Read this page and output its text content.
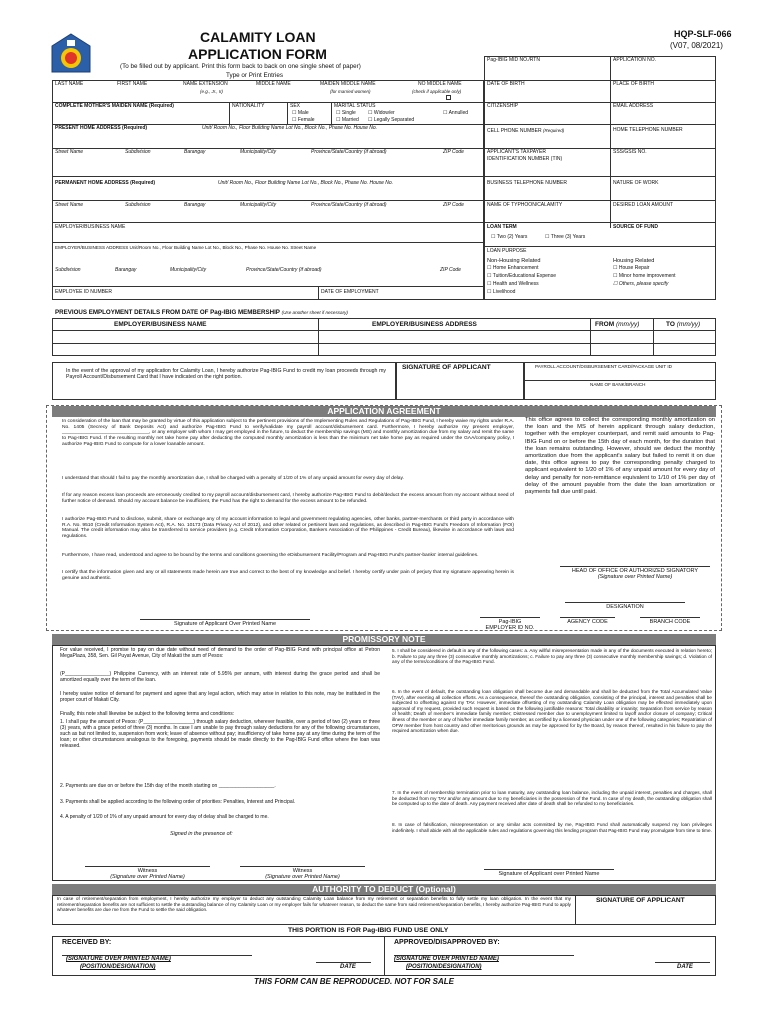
CALAMITY LOAN
APPLICATION FORM
HQP-SLF-066
(V07, 08/2021)
(To be filled out by applicant. Print this form back to back on one single sheet of paper)
Type or Print Entries
LAST NAME	FIRST NAME	NAME EXTENSION
(e.g., Jr., II)
MIDDLE NAME	MAIDEN MIDDLE NAME
(for married women)
NO MIDDLE NAME
(check if applicable only)
COMPLETE MOTHER'S MAIDEN NAME (Required)	NATIONALITY	SEX
☐ Male
☐ Female
MARITAL STATUS
☐ Single
☐ Married
☐ Widow/er
☐ Legally Separated
☐ Annulled
PRESENT HOME ADDRESS (Required)	Unit/ Room No., Floor Building Name Lot No., Block No., Phase No. House No.
Street Name	Subdivision	Barangay	Municipality/City	Province/State/Country (if abroad)	ZIP Code
PERMANENT HOME ADDRESS (Required)	Unit/ Room No., Floor Building Name Lot No., Block No., Phase No. House No.
Street Name	Subdivision	Barangay	Municipality/City	Province/State/Country (if abroad)	ZIP Code
EMPLOYER/BUSINESS NAME
EMPLOYER/BUSINESS ADDRESS Unit/Room No., Floor Building Name Lot No., Block No., Phase No. House No. Street Name
Subdivision	Barangay	Municipality/City	Province/State/Country (if abroad)	ZIP Code
EMPLOYEE ID NUMBER	DATE OF EMPLOYMENT
Pag-IBIG MID NO./RTN	APPLICATION NO.
DATE OF BIRTH	PLACE OF BIRTH
CITIZENSHIP	EMAIL ADDRESS
CELL PHONE NUMBER (Required)	HOME TELEPHONE NUMBER
APPLICANT'S TAXPAYER
IDENTIFICATION NUMBER (TIN)
SSS/GSIS NO.
BUSINESS TELEPHONE NUMBER	NATURE OF WORK
NAME OF TYPHOON/CALAMITY	DESIRED LOAN AMOUNT
LOAN TERM	SOURCE OF FUND
☐ Two (2) Years	☐ Three (3) Years
LOAN PURPOSE
Non-Housing Related	Housing Related
☐ Home Enhancement
☐ Tuition/Educational Expense
☐ Health and Wellness
☐ Livelihood
☐ House Repair
☐ Minor home improvement
☐ Others, please specify
PREVIOUS EMPLOYMENT DETAILS FROM DATE OF Pag-IBIG MEMBERSHIP (Use another sheet if necessary)
EMPLOYER/BUSINESS NAME	EMPLOYER/BUSINESS ADDRESS	FROM (mm/yy)	TO (mm/yy)
In the event of the approval of my application for Calamity Loan, I hereby authorize Pag-IBIG Fund to credit my loan proceeds through my Payroll Account/Disbursement Card that I have indicated on the right portion.
SIGNATURE OF APPLICANT	PAYROLL ACCOUNT/DISBURSEMENT CARD/PACKAGE UNIT ID
NAME OF BANK/BRANCH
APPLICATION AGREEMENT
In consideration of the loan that may be granted by virtue of this application subject to the pertinent provisions of the Implementing Rules and Regulations of Pag-IBIG Fund, I hereby waive my rights under R.A. No. 1405 (Secrecy of Bank Deposits Act) and authorize Pag-IBIG Fund to verify/validate my payroll account/disbursement card. Furthermore, I hereby authorize my present employer, ________________________________, or any employer with whom I may get employed in the future, to deduct the membership savings (MS) and monthly amortization due from my salary and remit the same to Pag-IBIG Fund. If the resulting monthly net take home pay after deducting the computed monthly amortization is less than the minimum net take home pay as required under the GAA/company policy, I authorize Pag-IBIG Fund to compute for a lower loanable amount.
I understand that should I fail to pay the monthly amortization due, I shall be charged with a penalty of 1/20 of 1% of any unpaid amount for every day of delay.
If for any reason excess loan proceeds are erroneously credited to my payroll account/disbursement card, I hereby authorize Pag-IBIG Fund to debit/deduct the excess amount from my account without need of further notice of demand. Should my account balance be insufficient, the Fund has the right to demand for the excess amount to be refunded.
I authorize Pag-IBIG Fund to disclose, submit, share or exchange any of my account information to legal and government regulating agencies, other banks, partner-merchants or third party in accordance with R.A. No. 9510 (Credit Information System Act), R.A. No. 10173 (Data Privacy Act of 2012), and other related or pertinent laws and regulations, as described in Pag-IBIG Fund's Freedom of Information (FOI) Manual. The credit information may also be transferred to service providers (e.g. Credit Information Corporation, Bankers Association of the Philippines - Credit Bureau), likewise in accordance with laws and regulations.
Furthermore, I have read, understood and agree to be bound by the terms and conditions governing the eDisbursement Facility/Program and Pag-IBIG Fund's partner-banks' internal guidelines.
I certify that the information given and any or all statements made herein are true and correct to the best of my knowledge and belief. I hereby certify under pain of perjury that my signature appearing herein is genuine and authentic.
This office agrees to collect the corresponding monthly amortization on the loan and the MS of herein applicant through salary deduction, together with the employer counterpart, and remit said amounts to Pag-IBIG Fund on or before the 15th day of each month, for the duration that the loan remains outstanding. However, should we deduct the monthly amortization due from the applicant's salary but failed to remit it on due date, this office agrees to pay the corresponding penalty charged to applicant equivalent to 1/20 of 1% of any unpaid amount for every day of delay and penalty for non-remittance equivalent to 1/10 of 1% per day of delay of the amount payable from the date the loan amortization or payments fall due until paid.
HEAD OF OFFICE OR AUTHORIZED SIGNATORY
(Signature over Printed Name)
DESIGNATION
Signature of Applicant Over Printed Name	Pag-IBIG
EMPLOYER ID NO.
AGENCY CODE	BRANCH CODE
PROMISSORY NOTE
For value received, I promise to pay on due date without need of demand to the order of Pag-IBIG Fund with principal office at Petron MegaPlaza, 358, Sen. Gil Puyat Avenue, City of Makati the sum of Pesos:
(P________________) Philippine Currency, with an interest rate of 5.95% per annum, with interest during the grace period and shall be amortized equally over the term of the loan.
I hereby waive notice of demand for payment and agree that any legal action, which may arise in relation to this note, may be instituted in the proper court of Makati City.
Finally, this note shall likewise be subject to the following terms and conditions:
1. I shall pay the amount of Pesos: (P__________________) through salary deduction, wherever feasible, over a period of two (2) years or three (3) years, with a grace period of three (3) months. In case I am unable to pay through salary deductions for any of the following circumstances, such as but not limited to, suspension from work; leave of absence without pay; insufficiency of take home pay at any time during the term of the loan; or other circumstances analogous to the foregoing, payments should be made directly to the Pag-IBIG Fund office where the loan was released.
2. Payments are due on or before the 15th day of the month starting on ____________________.
3. Payments shall be applied according to the following order of priorities: Penalties, Interest and Principal.
4. A penalty of 1/20 of 1% of any unpaid amount for every day of delay shall be charged to me.
Signed in the presence of:
Witness
(Signature over Printed Name)
Witness
(Signature over Printed Name)
5. I shall be considered in default in any of the following cases: a. Any willful misrepresentation made in any of the documents executed in relation hereto; b. Failure to pay any three (3) consecutive monthly amortizations; c. Failure to pay any three (3) consecutive monthly membership savings; d. Violation of any of the terms/conditions of the Pag-IBIG Fund.
6. In the event of default, the outstanding loan obligation shall become due and demandable and shall be deducted from the Total Accumulated Value (TAV), after exerting all collection efforts. As a consequence, thereof the outstanding obligation, consisting of the principal, interest and penalties shall be subjected to offsetting against my TAV. However, immediate offsetting of my outstanding Calamity Loan obligation may be effected immediately upon approval of my request, provided such request is based on the following justifiable reasons: Total disability or insanity; Separation from service by reason of health; Death of member's immediate family member; Distressed member due to unemployment limited to layoff and/or closure of company; Critical illness of the member or any of his/her immediate family member, as certified by a licensed physician under one of the following categories; Repatriation of OFW member from host country and other meritorious grounds as may be approved for by the Board, by reason thereof, resulted in his failure to pay the required amortization when due.
7. In the event of membership termination prior to loan maturity, any outstanding loan balance, including the unpaid interest, penalties and charges, shall be deducted from my TAV and/or any amount due to my beneficiaries in the possession of the Fund. In case of my death, the outstanding obligation shall be computed up to the date of death. Any payment received after date of death shall be refunded to my beneficiaries.
8. In case of falsification, misrepresentation or any similar acts committed by me, Pag-IBIG Fund shall automatically suspend my loan privileges indefinitely. I shall abide with all the applicable rules and regulations governing this lending program that Pag-IBIG Fund may promulgate from time to time.
Signature of Applicant over Printed Name
AUTHORITY TO DEDUCT (Optional)
In case of retirement/separation from employment, I hereby authorize my employer to deduct any outstanding Calamity Loan balance from my retirement or separation benefits to fully settle my loan obligation. In the event that my retirement/separation benefits are not sufficient to settle the outstanding balance of my Calamity Loan or my employer fails for whatever reason, to deduct the same from said retirement/separation benefits, I hereby authorize Pag-IBIG Fund to apply whatever benefits are due me from the Fund to settle the said obligation.
SIGNATURE OF APPLICANT
THIS PORTION IS FOR Pag-IBIG FUND USE ONLY
RECEIVED BY:	APPROVED/DISAPPROVED BY:
(SIGNATURE OVER PRINTED NAME)
(POSITION/DESIGNATION)	DATE
(SIGNATURE OVER PRINTED NAME)
(POSITION/DESIGNATION)	DATE
THIS FORM CAN BE REPRODUCED. NOT FOR SALE
